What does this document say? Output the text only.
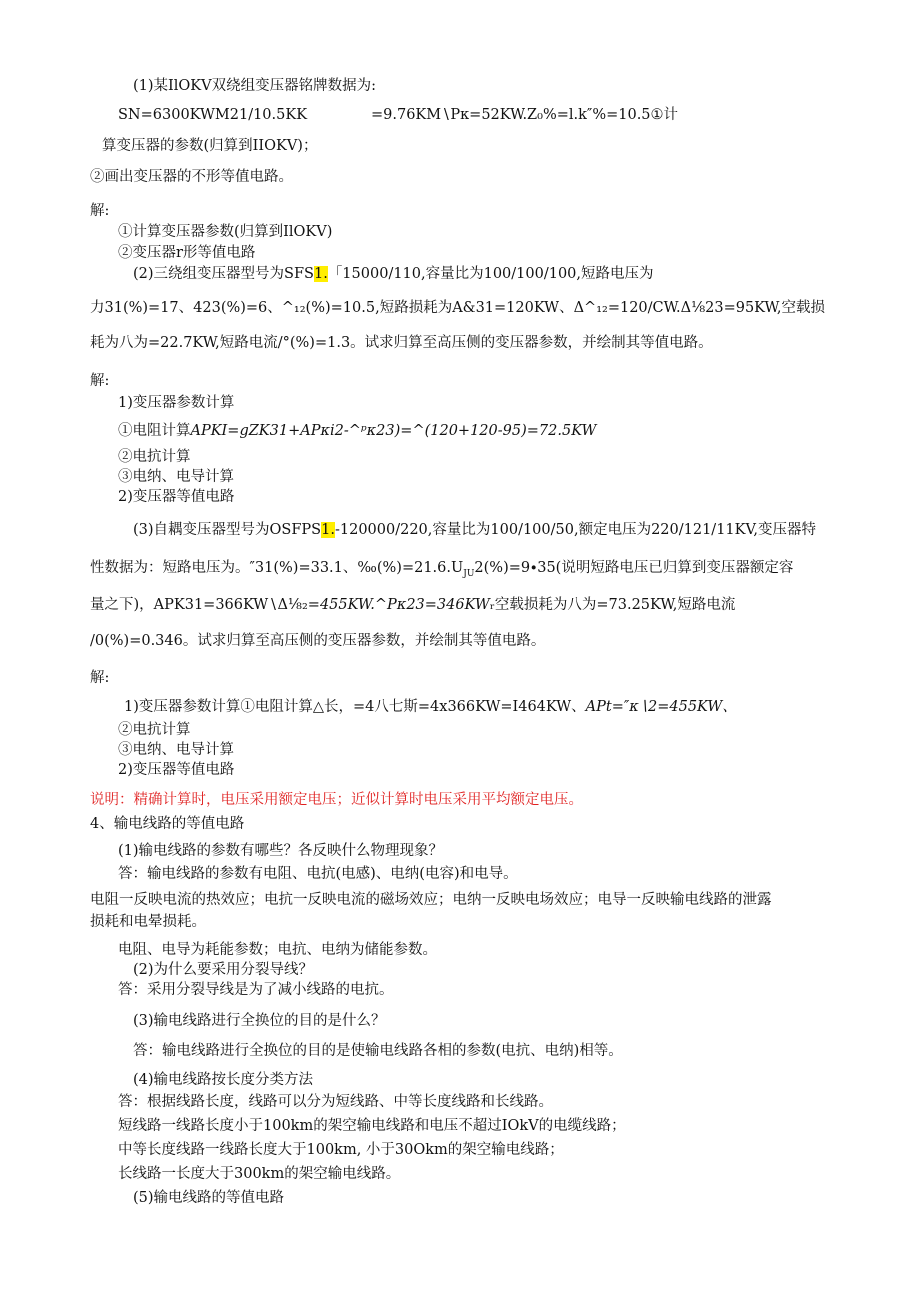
(1)某IlOKV双绕组变压器铭牌数据为:
SN=6300KWM21/10.5KK	=9.76KM∖Pκ=52KW.Z₀%=l.k″%=10.5①计
算变压器的参数(归算到IIOKV)；
②画出变压器的不形等值电路。
解:
①计算变压器参数(归算到IlOKV)
②变压器r形等值电路
(2)三绕组变压器型号为SFS1.「15000/110,容量比为100/100/100,短路电压为
力31(%)=17、423(%)=6、^₁₂(%)=10.5,短路损耗为A&31=120KW、Δ^₁₂=120∕CW.Δ⅛23=95KW,空载损
耗为八为=22.7KW,短路电流/°(%)=1.3。试求归算至高压侧的变压器参数，并绘制其等值电路。
解:
1)变压器参数计算
①电阻计算APKI=gZK31+APκi2-^ᵖκ23)=^(120+120-95)=72.5KW
②电抗计算
③电纳、电导计算
2)变压器等值电路
(3)自耦变压器型号为OSFPS1.-120000/220,容量比为100/100/50,额定电压为220/121/11KV,变压器特
性数据为：短路电压为。″31(%)=33.1、$‰(\%)=21.6.U_{JU}2(\%)=9\cdot 35$(说明短路电压已归算到变压器额定容
量之下)，APK31=366KW∖Δ⅛₂=455KW.^Pκ23=346KWᵣ空载损耗为八为=73.25KW,短路电流
/0(%)=0.346。试求归算至高压侧的变压器参数，并绘制其等值电路。
解:
1)变压器参数计算①电阻计算△长，=4八七斯=4x366KW=I464KW、APt=″κ∖2=455KW、
②电抗计算
③电纳、电导计算
2)变压器等值电路
说明：精确计算时，电压采用额定电压；近似计算时电压采用平均额定电压。
4、输电线路的等值电路
(1)输电线路的参数有哪些？各反映什么物理现象？
答：输电线路的参数有电阻、电抗(电感)、电纳(电容)和电导。
电阻一反映电流的热效应；电抗一反映电流的磁场效应；电纳一反映电场效应；电导一反映输电线路的泄露
损耗和电晕损耗。
电阻、电导为耗能参数；电抗、电纳为储能参数。
(2)为什么要采用分裂导线？
答：采用分裂导线是为了减小线路的电抗。
(3)输电线路进行全换位的目的是什么？
答：输电线路进行全换位的目的是使输电线路各相的参数(电抗、电纳)相等。
(4)输电线路按长度分类方法
答：根据线路长度，线路可以分为短线路、中等长度线路和长线路。
短线路一线路长度小于100km的架空输电线路和电压不超过IOkV的电缆线路；
中等长度线路一线路长度大于100km, 小于30Okm的架空输电线路；
长线路一长度大于300km的架空输电线路。
(5)输电线路的等值电路
